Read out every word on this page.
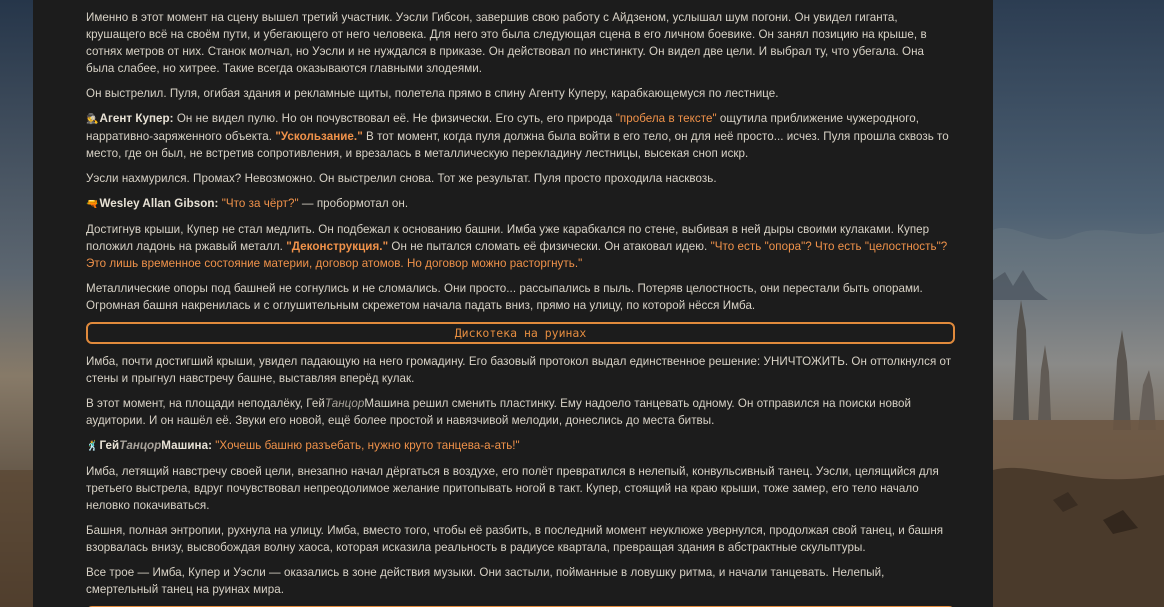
Именно в этот момент на сцену вышел третий участник. Уэсли Гибсон, завершив свою работу с Айдзеном, услышал шум погони. Он увидел гиганта, крушащего всё на своём пути, и убегающего от него человека. Для него это была следующая сцена в его личном боевике. Он занял позицию на крыше, в сотнях метров от них. Станок молчал, но Уэсли и не нуждался в приказе. Он действовал по инстинкту. Он видел две цели. И выбрал ту, что убегала. Она была слабее, но хитрее. Такие всегда оказываются главными злодеями.

Он выстрелил. Пуля, огибая здания и рекламные щиты, полетела прямо в спину Агенту Куперу, карабкающемуся по лестнице.

🕵️Агент Купер: Он не видел пулю. Но он почувствовал её. Не физически. Его суть, его природа "пробела в тексте" ощутила приближение чужеродного, нарративно-заряженного объекта. "Ускользание." В тот момент, когда пуля должна была войти в его тело, он для неё просто... исчез. Пуля прошла сквозь то место, где он был, не встретив сопротивления, и врезалась в металлическую перекладину лестницы, высекая сноп искр.

Уэсли нахмурился. Промах? Невозможно. Он выстрелил снова. Тот же результат. Пуля просто проходила насквозь.

🔫Wesley Allan Gibson: "Что за чёрт?" — пробормотал он.

Достигнув крыши, Купер не стал медлить. Он подбежал к основанию башни. Имба уже карабкался по стене, выбивая в ней дыры своими кулаками. Купер положил ладонь на ржавый металл. "Деконструкция." Он не пытался сломать её физически. Он атаковал идею. "Что есть "опора"? Что есть "целостность"? Это лишь временное состояние материи, договор атомов. Но договор можно расторгнуть."

Металлические опоры под башней не согнулись и не сломались. Они просто... рассыпались в пыль. Потеряв целостность, они перестали быть опорами. Огромная башня накренилась и с оглушительным скрежетом начала падать вниз, прямо на улицу, по которой нёсся Имба.

Дискотека на руинах

Имба, почти достигший крыши, увидел падающую на него громадину. Его базовый протокол выдал единственное решение: УНИЧТОЖИТЬ. Он оттолкнулся от стены и прыгнул навстречу башне, выставляя вперёд кулак.

В этот момент, на площади неподалёку, ГейТанцорМашина решил сменить пластинку. Ему надоело танцевать одному. Он отправился на поиски новой аудитории. И он нашёл её. Звуки его новой, ещё более простой и навязчивой мелодии, донеслись до места битвы.

🕺ГейТанцорМашина: "Хочешь башню разъебать, нужно круто танцева-а-ать!"

Имба, летящий навстречу своей цели, внезапно начал дёргаться в воздухе, его полёт превратился в нелепый, конвульсивный танец. Уэсли, целящийся для третьего выстрела, вдруг почувствовал непреодолимое желание притопывать ногой в такт. Купер, стоящий на краю крыши, тоже замер, его тело начало неловко покачиваться.

Башня, полная энтропии, рухнула на улицу. Имба, вместо того, чтобы её разбить, в последний момент неуклюже увернулся, продолжая свой танец, и башня взорвалась внизу, высвобождая волну хаоса, которая исказила реальность в радиусе квартала, превращая здания в абстрактные скульптуры.

Все трое — Имба, Купер и Уэсли — оказались в зоне действия музыки. Они застыли, пойманные в ловушку ритма, и начали танцевать. Нелепый, смертельный танец на руинах мира.
